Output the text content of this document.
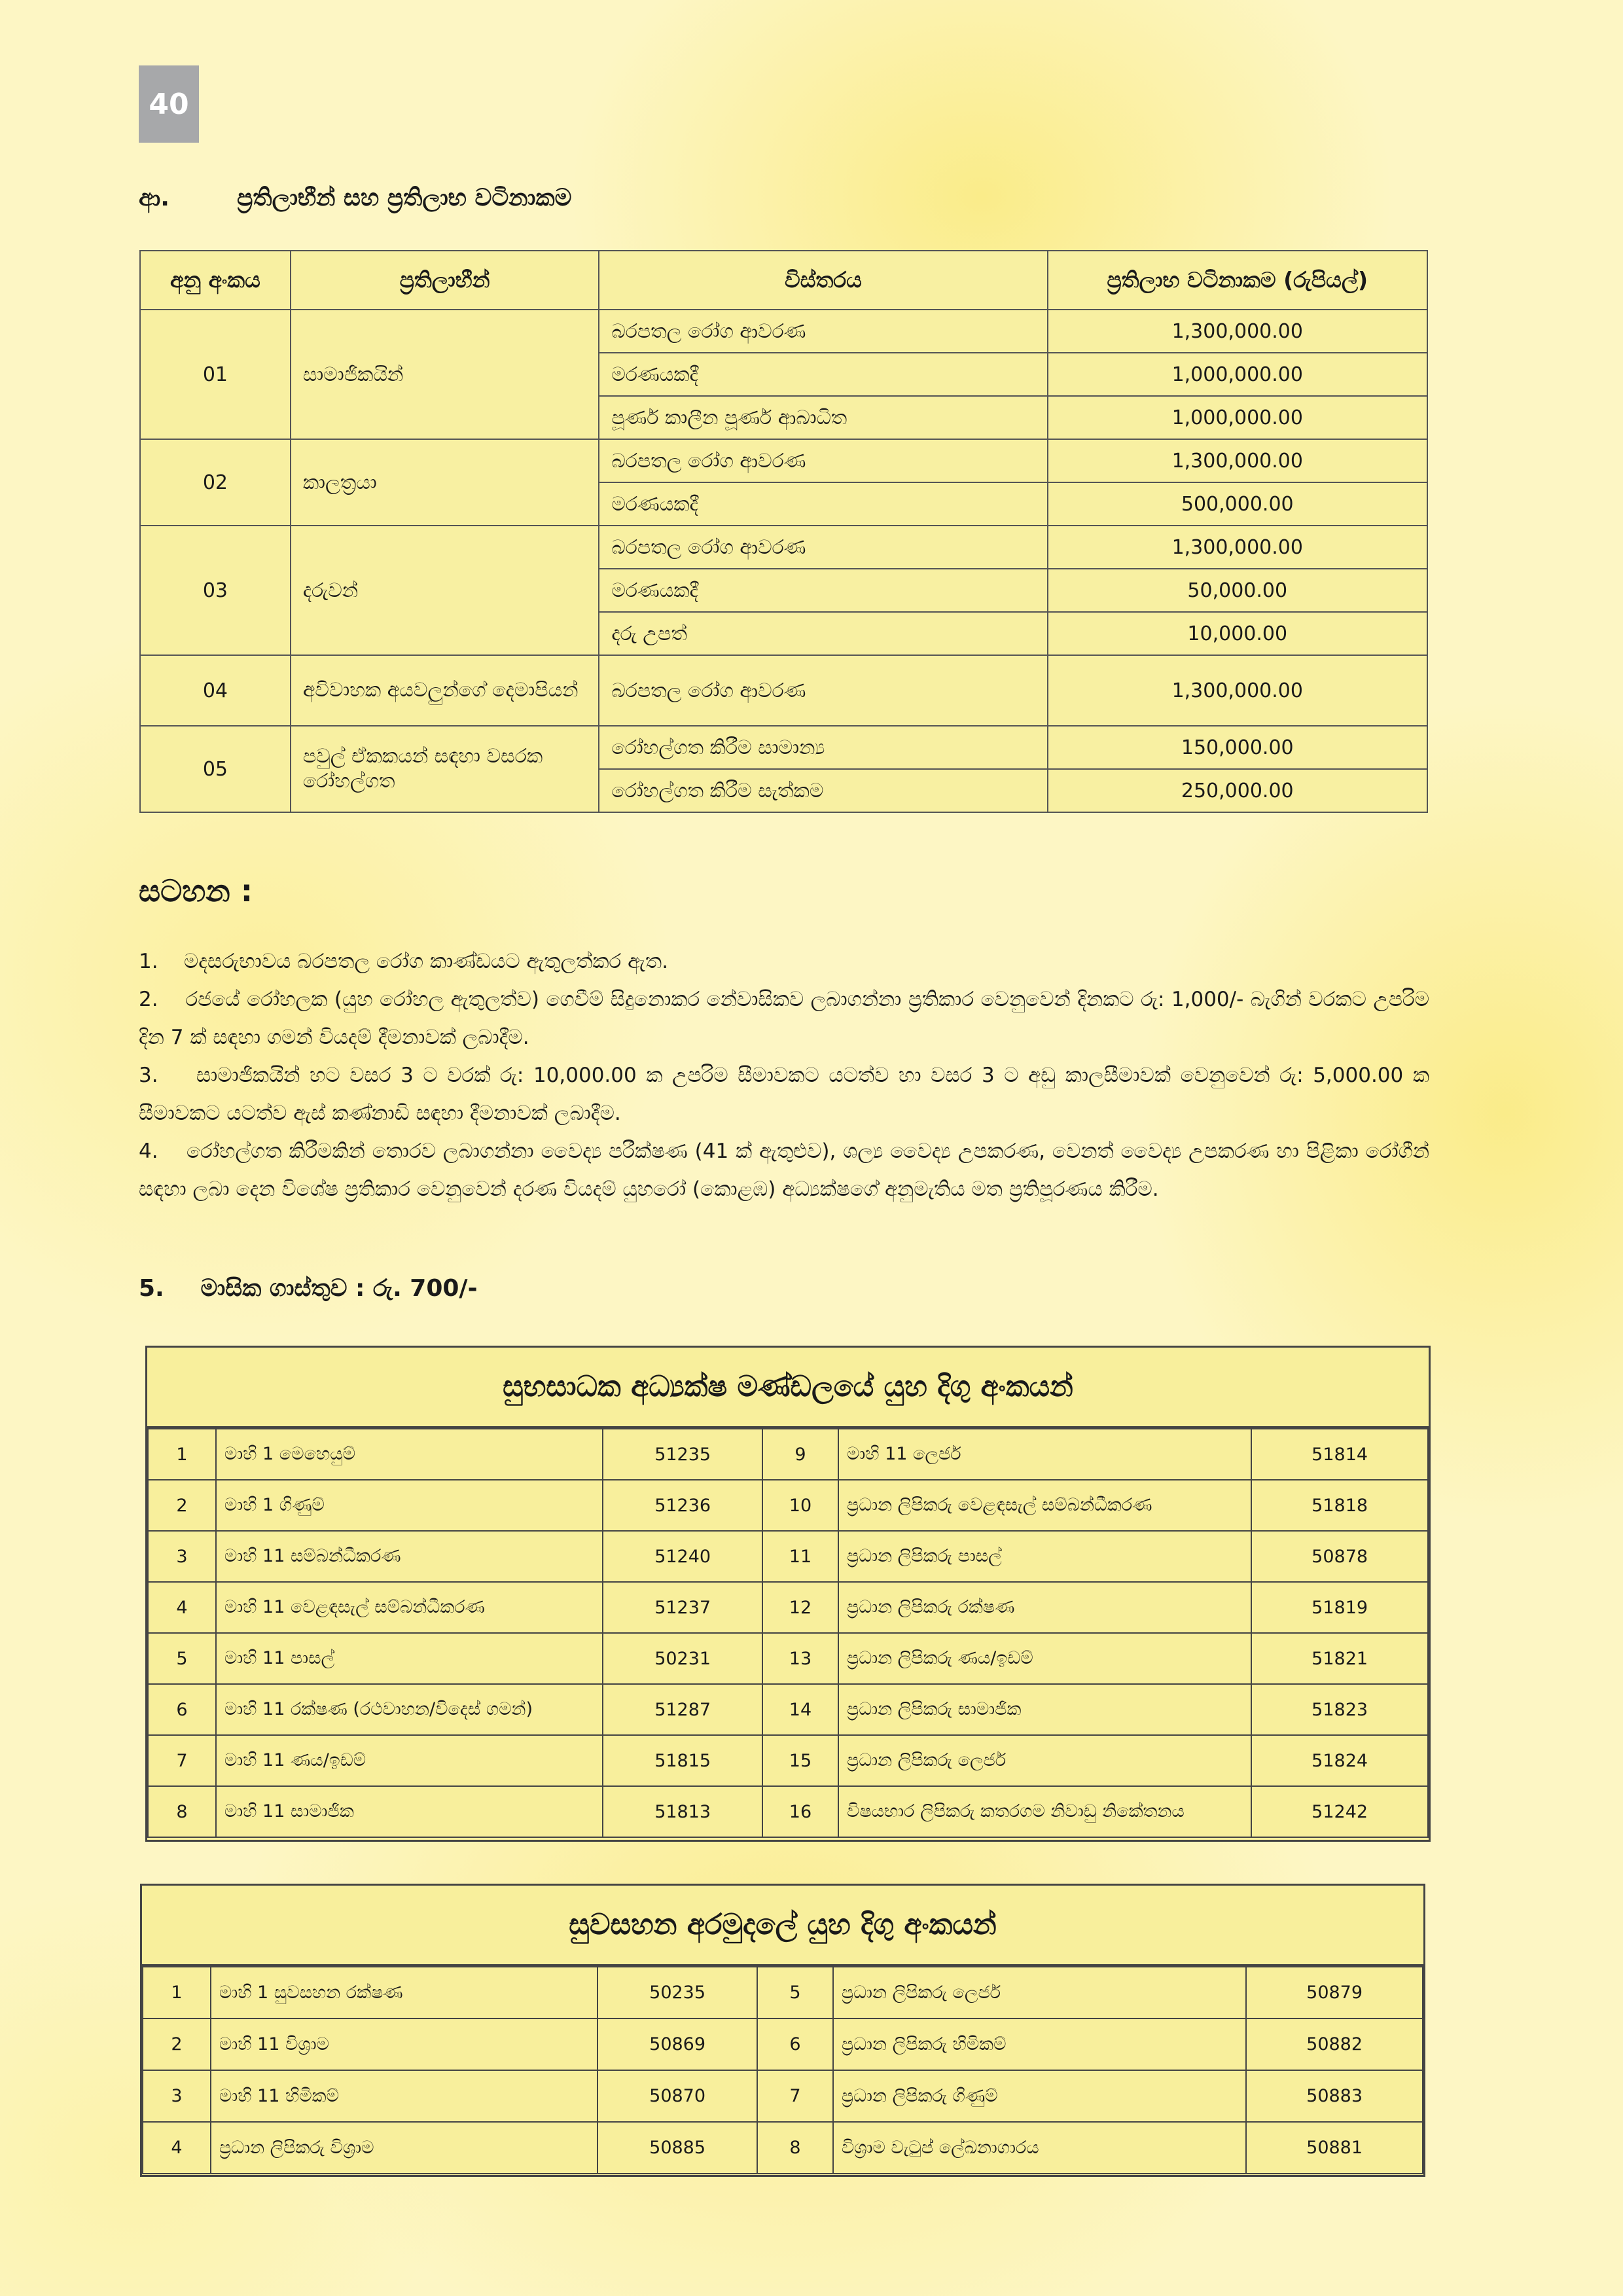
40
ආ.	ප්‍රතිලාභීන් සහ ප්‍රතිලාභ වටිනාකම
අනු අංකය	ප්‍රතිලාභීන්	විස්තරය	ප්‍රතිලාභ වටිනාකම (රුපියල්)
01	සාමාජිකයින්	බරපතල රෝග ආවරණ	1,300,000.00
		මරණයකදී	1,000,000.00
		පූර්ණ කාලීන පූර්ණ ආබාධිත	1,000,000.00
02	කාලත්‍රයා	බරපතල රෝග ආවරණ	1,300,000.00
		මරණයකදී	500,000.00
03	දරුවන්	බරපතල රෝග ආවරණ	1,300,000.00
		මරණයකදී	50,000.00
		දරු උපත්	10,000.00
04	අවිවාහක අයවලුන්ගේ දෙමාපියන්	බරපතල රෝග ආවරණ	1,300,000.00
05	පවුල් ඒකකයන් සඳහා වසරක රෝහල්ගත	රෝහල්ගත කිරීම සාමාන්‍ය	150,000.00
		රෝහල්ගත කිරීම සැත්කම	250,000.00
සටහන :

1.    මදසරුභාවය බරපතල රෝග කාණ්ඩයට ඇතුලත්කර ඇත.

2.    රජයේ රෝහලක (යුහ රෝහල ඇතුලත්ව) ගෙවීම් සිදුනොකර නේවාසිකව ලබාගන්නා ප්‍රතිකාර වෙනුවෙන් දිනකට රු: 1,000/- බැගින් වරකට උපරිම දින 7 ක් සඳහා ගමන් වියදම් දීමනාවක් ලබාදීම.

3.    සාමාජිකයින් හට වසර 3 ට වරක් රු: 10,000.00 ක උපරිම සීමාවකට යටත්ව හා වසර 3 ට අඩු කාලසීමාවක් වෙනුවෙන් රු: 5,000.00 ක සීමාවකට යටත්ව ඇස් කණ්නාඩි සඳහා දීමනාවක් ලබාදීම.

4.    රෝහල්ගත කිරීමකින් තොරව ලබාගන්නා වෛද්‍ය පරීක්ෂණ (41 ක් ඇතුළුව), ශල්‍ය වෛද්‍ය උපකරණ, වෙනත් වෛද්‍ය උපකරණ හා පිළිකා රෝගීන් සඳහා ලබා දෙන විශේෂ ප්‍රතිකාර වෙනුවෙන් දරණ වියදම් යුහරෝ (කොළඹ) අධ්‍යක්ෂගේ අනුමැතිය මත ප්‍රතිපූරණය කිරීම.

5. මාසික ගාස්තුව : රු. 700/-
සුභසාධක අධ්‍යක්ෂ මණ්ඩලයේ යුහ දිගු අංකයන්
1	මාහි 1 මෙහෙයුම්	51235	9	මාහි 11 ලෙජර්	51814
2	මාහි 1 ගිණුම්	51236	10	ප්‍රධාන ලිපිකරු වෙළඳසැල් සම්බන්ධීකරණ	51818
3	මාහි 11 සම්බන්ධීකරණ	51240	11	ප්‍රධාන ලිපිකරු පාසල්	50878
4	මාහි 11 වෙළඳසැල් සම්බන්ධීකරණ	51237	12	ප්‍රධාන ලිපිකරු රක්ෂණ	51819
5	මාහි 11 පාසල්	50231	13	ප්‍රධාන ලිපිකරු ණය/ඉඩම්	51821
6	මාහි 11 රක්ෂණ (රථවාහන/විදෙස් ගමන්)	51287	14	ප්‍රධාන ලිපිකරු සාමාජික	51823
7	මාහි 11 ණය/ඉඩම්	51815	15	ප්‍රධාන ලිපිකරු ලෙජර්	51824
8	මාහි 11 සාමාජික	51813	16	විෂයභාර ලිපිකරු කතරගම නිවාඩු නිකේතනය	51242
සුවසහන අරමුදලේ යුහ දිගු අංකයන්
1	මාහි 1 සුවසහන රක්ෂණ	50235	5	ප්‍රධාන ලිපිකරු ලෙජර්	50879
2	මාහි 11 විශ්‍රාම	50869	6	ප්‍රධාන ලිපිකරු හිමිකම්	50882
3	මාහි 11 හිමිකම්	50870	7	ප්‍රධාන ලිපිකරු ගිණුම්	50883
4	ප්‍රධාන ලිපිකරු විශ්‍රාම	50885	8	විශ්‍රාම වැටුප් ලේඛනාගාරය	50881
